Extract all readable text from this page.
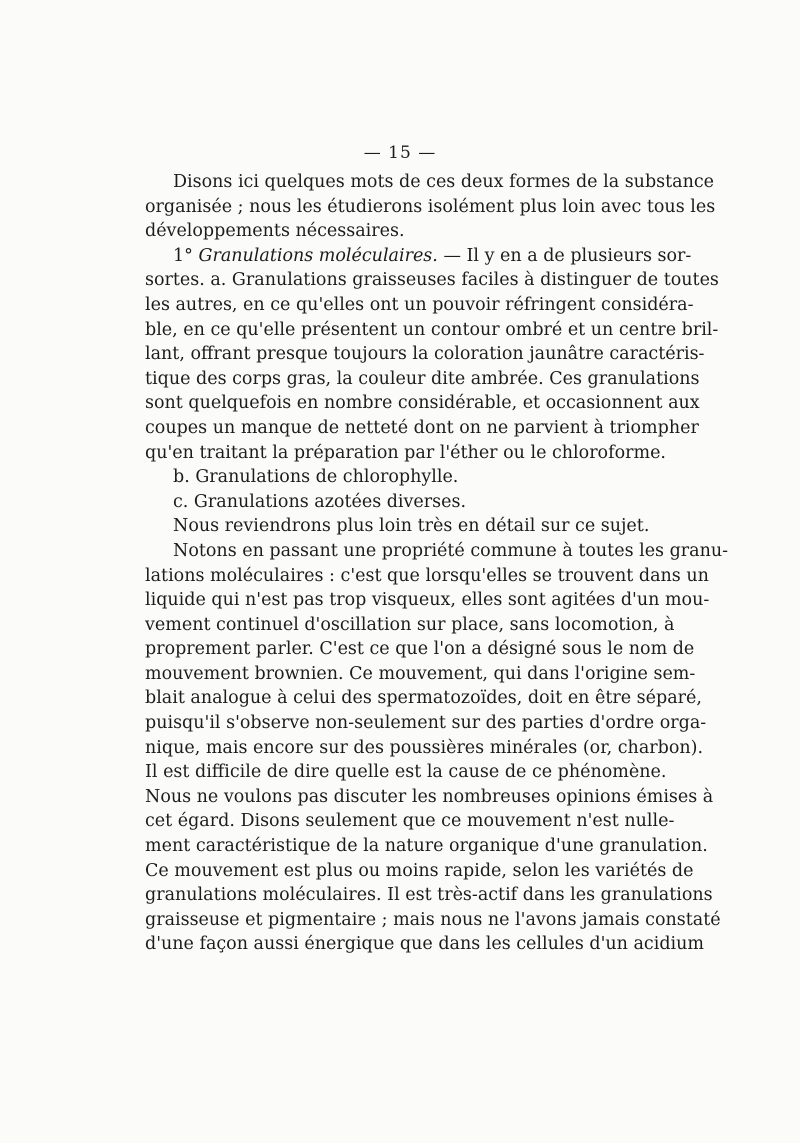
— 15 —
Disons ici quelques mots de ces deux formes de la substance
organisée ; nous les étudierons isolément plus loin avec tous les
développements nécessaires.
1° Granulations moléculaires. — Il y en a de plusieurs sor-
sortes. a. Granulations graisseuses faciles à distinguer de toutes
les autres, en ce qu'elles ont un pouvoir réfringent considéra-
ble, en ce qu'elle présentent un contour ombré et un centre bril-
lant, offrant presque toujours la coloration jaunâtre caractéris-
tique des corps gras, la couleur dite ambrée. Ces granulations
sont quelquefois en nombre considérable, et occasionnent aux
coupes un manque de netteté dont on ne parvient à triompher
qu'en traitant la préparation par l'éther ou le chloroforme.
b. Granulations de chlorophylle.
c. Granulations azotées diverses.
Nous reviendrons plus loin très en détail sur ce sujet.
Notons en passant une propriété commune à toutes les granu-
lations moléculaires : c'est que lorsqu'elles se trouvent dans un
liquide qui n'est pas trop visqueux, elles sont agitées d'un mou-
vement continuel d'oscillation sur place, sans locomotion, à
proprement parler. C'est ce que l'on a désigné sous le nom de
mouvement brownien. Ce mouvement, qui dans l'origine sem-
blait analogue à celui des spermatozoïdes, doit en être séparé,
puisqu'il s'observe non-seulement sur des parties d'ordre orga-
nique, mais encore sur des poussières minérales (or, charbon).
Il est difficile de dire quelle est la cause de ce phénomène.
Nous ne voulons pas discuter les nombreuses opinions émises à
cet égard. Disons seulement que ce mouvement n'est nulle-
ment caractéristique de la nature organique d'une granulation.
Ce mouvement est plus ou moins rapide, selon les variétés de
granulations moléculaires. Il est très-actif dans les granulations
graisseuse et pigmentaire ; mais nous ne l'avons jamais constaté
d'une façon aussi énergique que dans les cellules d'un acidium
